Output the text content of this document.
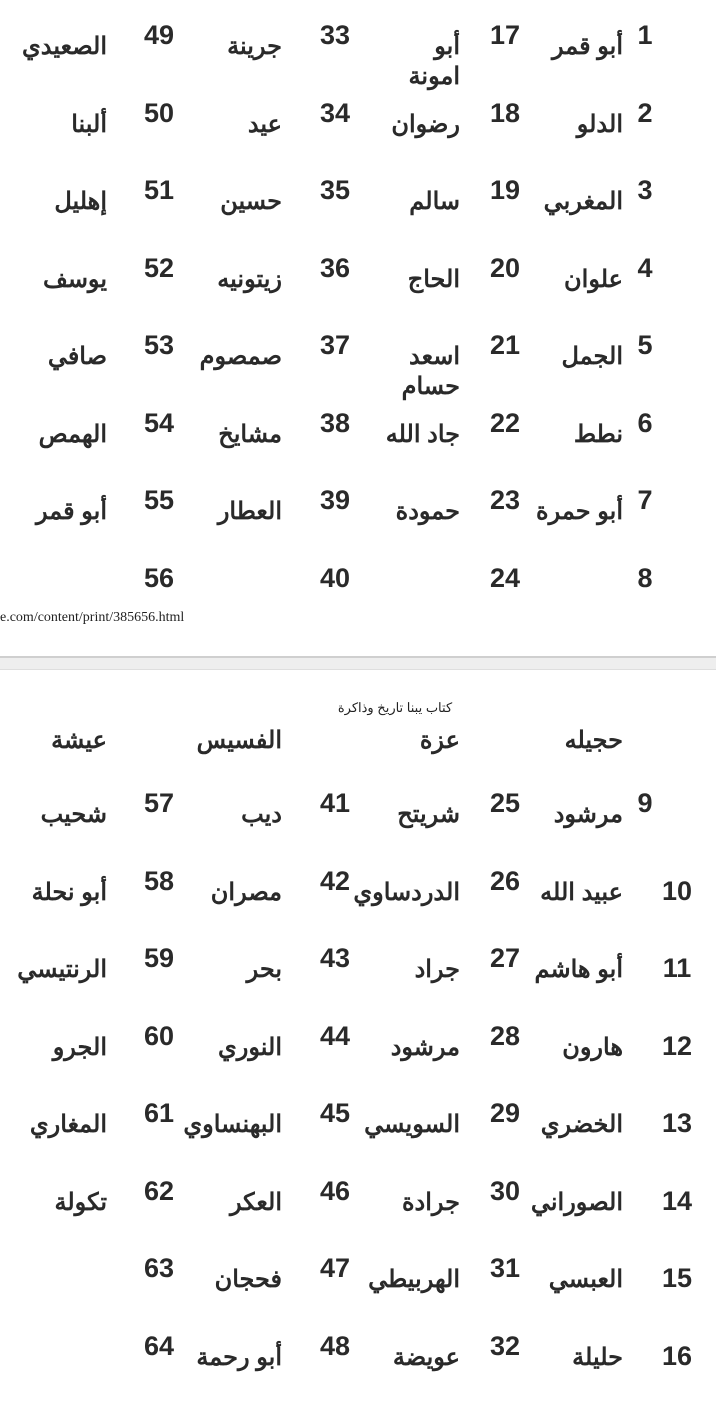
1
أبو قمر
17
أبو امونة
33
جرينة
49
الصعيدي
2
الدلو
18
رضوان
34
عيد
50
ألبنا
3
المغربي
19
سالم
35
حسين
51
إهليل
4
علوان
20
الحاج
36
زيتونيه
52
يوسف
5
الجمل
21
اسعد حسام
37
صمصوم
53
صافي
6
نطط
22
جاد الله
38
مشايخ
54
الهمص
7
أبو حمرة
23
حمودة
39
العطار
55
أبو قمر
8
24
40
56
e.com/content/print/385656.html
كتاب يبنا تاريخ وذاكرة
حجيله
عزة
الفسيس
عيشة
9
مرشود
25
شريتح
41
ديب
57
شحيب
10
عبيد الله
26
الدردساوي
42
مصران
58
أبو نحلة
11
أبو هاشم
27
جراد
43
بحر
59
الرنتيسي
12
هارون
28
مرشود
44
النوري
60
الجرو
13
الخضري
29
السويسي
45
البهنساوي
61
المغاري
14
الصوراني
30
جرادة
46
العكر
62
تكولة
15
العبسي
31
الهربيطي
47
فحجان
63
16
حليلة
32
عويضة
48
أبو رحمة
64
